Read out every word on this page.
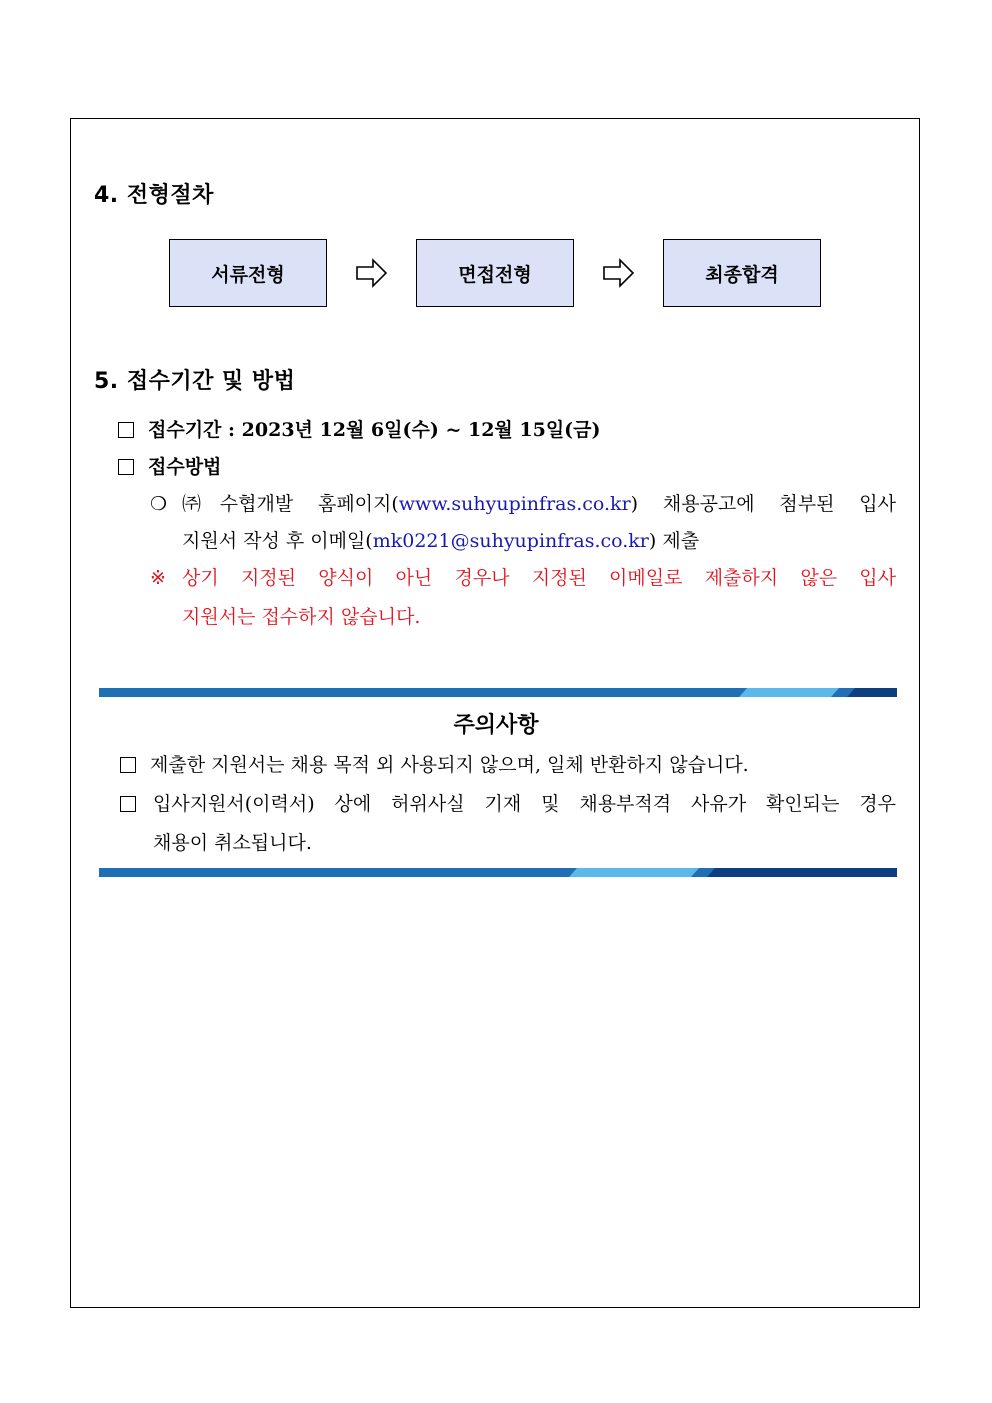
4. 전형절차
서류전형	면접전형	최종합격
5. 접수기간 및 방법
접수기간 : 2023년 12월 6일(수) ~ 12월 15일(금)
접수방법
❍ ㈜수협개발 홈페이지(www.suhyupinfras.co.kr) 채용공고에 첨부된 입사
지원서 작성 후 이메일(mk0221@suhyupinfras.co.kr) 제출
※ 상기 지정된 양식이 아닌 경우나 지정된 이메일로 제출하지 않은 입사
지원서는 접수하지 않습니다.
주의사항
제출한 지원서는 채용 목적 외 사용되지 않으며, 일체 반환하지 않습니다.
입사지원서(이력서) 상에 허위사실 기재 및 채용부적격 사유가 확인되는 경우
채용이 취소됩니다.
